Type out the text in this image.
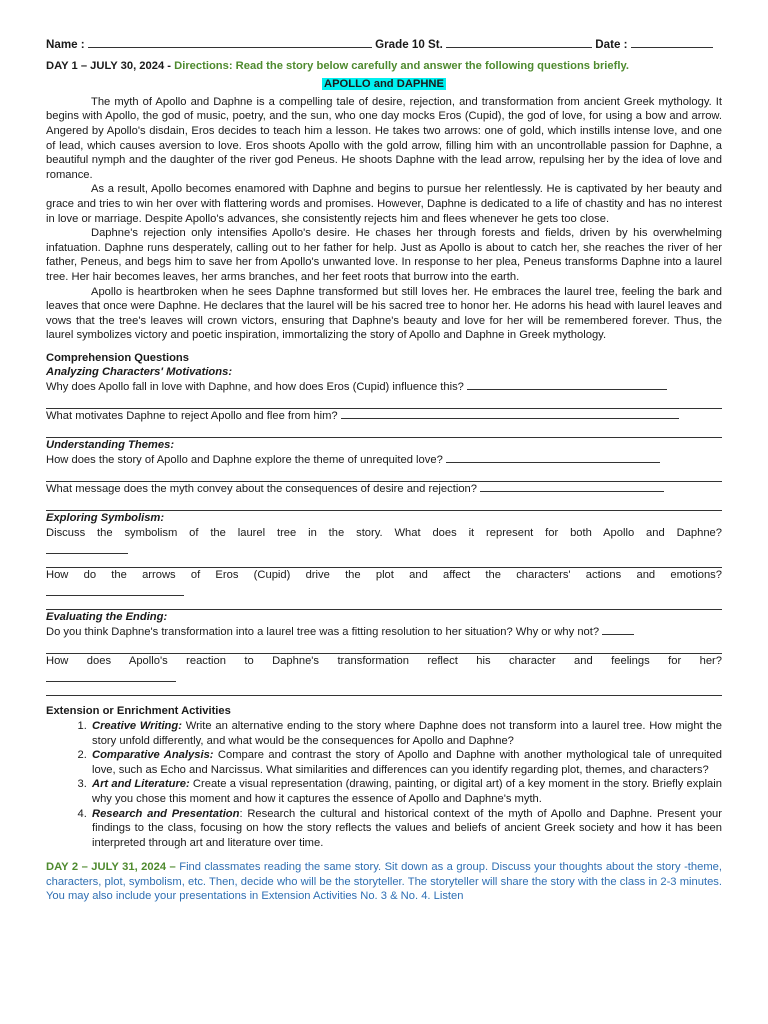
Name :	Grade 10 St.	Date :
DAY 1 – JULY 30, 2024 - Directions: Read the story below carefully and answer the following questions briefly.
APOLLO and DAPHNE

The myth of Apollo and Daphne is a compelling tale of desire, rejection, and transformation from ancient Greek mythology. It begins with Apollo, the god of music, poetry, and the sun, who one day mocks Eros (Cupid), the god of love, for using a bow and arrow. Angered by Apollo's disdain, Eros decides to teach him a lesson. He takes two arrows: one of gold, which instills intense love, and one of lead, which causes aversion to love. Eros shoots Apollo with the gold arrow, filling him with an uncontrollable passion for Daphne, a beautiful nymph and the daughter of the river god Peneus. He shoots Daphne with the lead arrow, repulsing her by the idea of love and romance.

As a result, Apollo becomes enamored with Daphne and begins to pursue her relentlessly. He is captivated by her beauty and grace and tries to win her over with flattering words and promises. However, Daphne is dedicated to a life of chastity and has no interest in love or marriage. Despite Apollo's advances, she consistently rejects him and flees whenever he gets too close.

Daphne's rejection only intensifies Apollo's desire. He chases her through forests and fields, driven by his overwhelming infatuation. Daphne runs desperately, calling out to her father for help. Just as Apollo is about to catch her, she reaches the river of her father, Peneus, and begs him to save her from Apollo's unwanted love. In response to her plea, Peneus transforms Daphne into a laurel tree. Her hair becomes leaves, her arms branches, and her feet roots that burrow into the earth.

Apollo is heartbroken when he sees Daphne transformed but still loves her. He embraces the laurel tree, feeling the bark and leaves that once were Daphne. He declares that the laurel will be his sacred tree to honor her. He adorns his head with laurel leaves and vows that the tree's leaves will crown victors, ensuring that Daphne's beauty and love for her will be remembered forever. Thus, the laurel symbolizes victory and poetic inspiration, immortalizing the story of Apollo and Daphne in Greek mythology.

Comprehension Questions
Analyzing Characters' Motivations:
Why does Apollo fall in love with Daphne, and how does Eros (Cupid) influence this?
What motivates Daphne to reject Apollo and flee from him?
Understanding Themes:
How does the story of Apollo and Daphne explore the theme of unrequited love?
What message does the myth convey about the consequences of desire and rejection?
Exploring Symbolism:
Discuss the symbolism of the laurel tree in the story. What does it represent for both Apollo and Daphne?
How do the arrows of Eros (Cupid) drive the plot and affect the characters' actions and emotions?
Evaluating the Ending:
Do you think Daphne's transformation into a laurel tree was a fitting resolution to her situation? Why or why not?
How does Apollo's reaction to Daphne's transformation reflect his character and feelings for her?
Extension or Enrichment Activities
1. Creative Writing: Write an alternative ending to the story where Daphne does not transform into a laurel tree. How might the story unfold differently, and what would be the consequences for Apollo and Daphne?
2. Comparative Analysis: Compare and contrast the story of Apollo and Daphne with another mythological tale of unrequited love, such as Echo and Narcissus. What similarities and differences can you identify regarding plot, themes, and characters?
3. Art and Literature: Create a visual representation (drawing, painting, or digital art) of a key moment in the story. Briefly explain why you chose this moment and how it captures the essence of Apollo and Daphne's myth.
4. Research and Presentation: Research the cultural and historical context of the myth of Apollo and Daphne. Present your findings to the class, focusing on how the story reflects the values and beliefs of ancient Greek society and how it has been interpreted through art and literature over time.
DAY 2 – JULY 31, 2024 – Find classmates reading the same story. Sit down as a group. Discuss your thoughts about the story -theme, characters, plot, symbolism, etc. Then, decide who will be the storyteller. The storyteller will share the story with the class in 2-3 minutes. You may also include your presentations in Extension Activities No. 3 & No. 4. Listen
